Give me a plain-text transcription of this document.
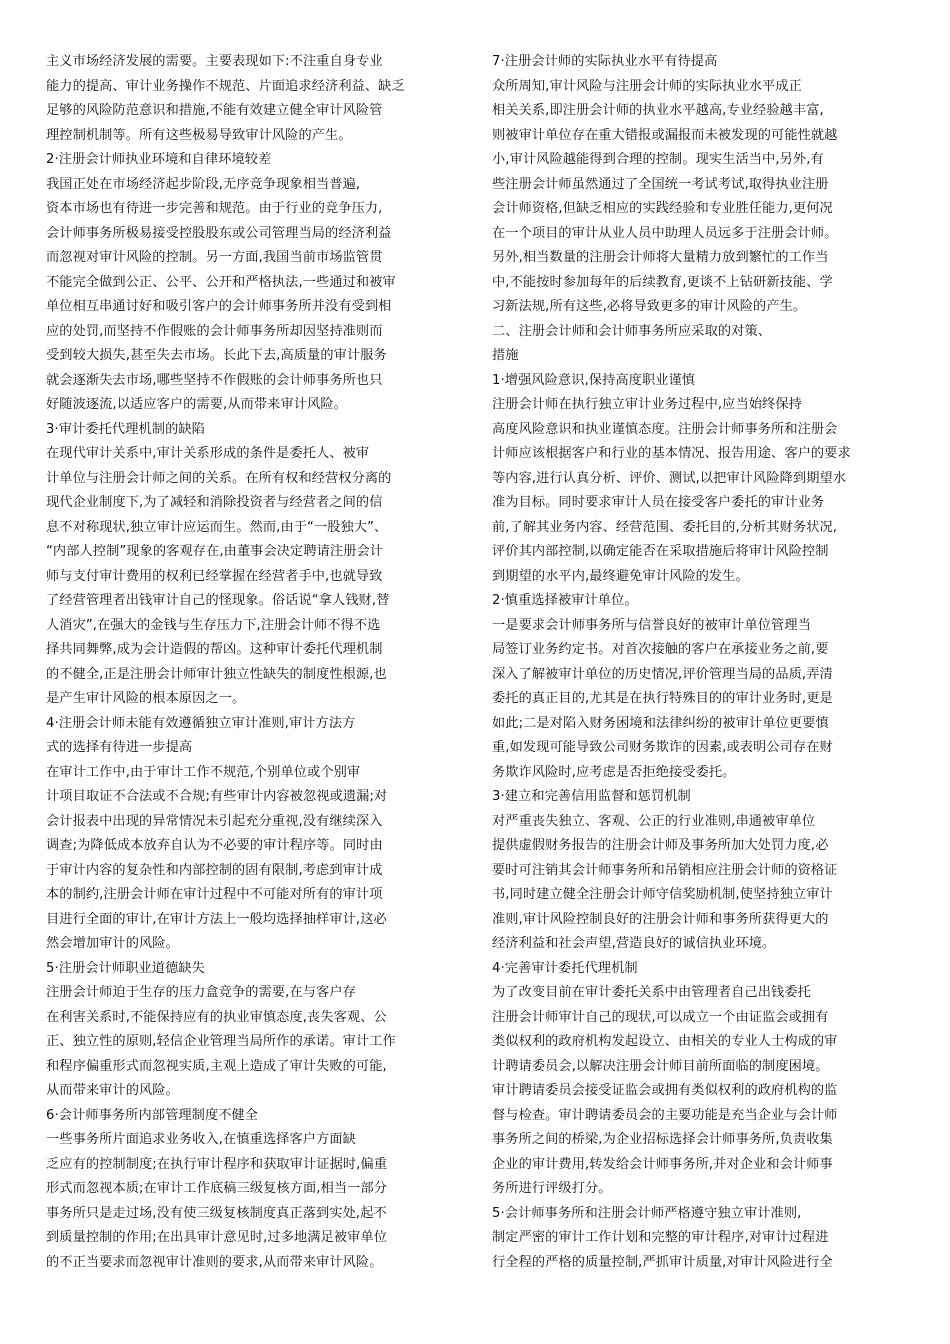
主义市场经济发展的需要。主要表现如下:不注重自身专业
能力的提高、审计业务操作不规范、片面追求经济利益、缺乏
足够的风险防范意识和措施,不能有效建立健全审计风险管
理控制机制等。所有这些极易导致审计风险的产生。
2·注册会计师执业环境和自律环境较差
我国正处在市场经济起步阶段,无序竞争现象相当普遍,
资本市场也有待进一步完善和规范。由于行业的竞争压力,
会计师事务所极易接受控股股东或公司管理当局的经济利益
而忽视对审计风险的控制。另一方面,我国当前市场监管贯
不能完全做到公正、公平、公开和严格执法,一些通过和被审
单位相互串通讨好和吸引客户的会计师事务所并没有受到相
应的处罚,而坚持不作假账的会计师事务所却因坚持准则而
受到较大损失,甚至失去市场。长此下去,高质量的审计服务
就会逐渐失去市场,哪些坚持不作假账的会计师事务所也只
好随波逐流,以适应客户的需要,从而带来审计风险。
3·审计委托代理机制的缺陷
在现代审计关系中,审计关系形成的条件是委托人、被审
计单位与注册会计师之间的关系。在所有权和经营权分离的
现代企业制度下,为了减轻和消除投资者与经营者之间的信
息不对称现状,独立审计应运而生。然而,由于“一股独大”、
“内部人控制”现象的客观存在,由董事会决定聘请注册会计
师与支付审计费用的权利已经掌握在经营者手中,也就导致
了经营管理者出钱审计自己的怪现象。俗话说“拿人钱财,替
人消灾”,在强大的金钱与生存压力下,注册会计师不得不选
择共同舞弊,成为会计造假的帮凶。这种审计委托代理机制
的不健全,正是注册会计师审计独立性缺失的制度性根源,也
是产生审计风险的根本原因之一。
4·注册会计师未能有效遵循独立审计准则,审计方法方
式的选择有待进一步提高
在审计工作中,由于审计工作不规范,个别单位或个别审
计项目取证不合法或不合规;有些审计内容被忽视或遗漏;对
会计报表中出现的异常情况未引起充分重视,没有继续深入
调查;为降低成本放弃自认为不必要的审计程序等。同时由
于审计内容的复杂性和内部控制的固有限制,考虑到审计成
本的制约,注册会计师在审计过程中不可能对所有的审计项
目进行全面的审计,在审计方法上一般均选择抽样审计,这必
然会增加审计的风险。
5·注册会计师职业道德缺失
注册会计师迫于生存的压力盒竞争的需要,在与客户存
在利害关系时,不能保持应有的执业审慎态度,丧失客观、公
正、独立性的原则,轻信企业管理当局所作的承诺。审计工作
和程序偏重形式而忽视实质,主观上造成了审计失败的可能,
从而带来审计的风险。
6·会计师事务所内部管理制度不健全
一些事务所片面追求业务收入,在慎重选择客户方面缺
乏应有的控制制度;在执行审计程序和获取审计证据时,偏重
形式而忽视本质;在审计工作底稿三级复核方面,相当一部分
事务所只是走过场,没有使三级复核制度真正落到实处,起不
到质量控制的作用;在出具审计意见时,过多地满足被审单位
的不正当要求而忽视审计准则的要求,从而带来审计风险。
7·注册会计师的实际执业水平有待提高
众所周知,审计风险与注册会计师的实际执业水平成正
相关关系,即注册会计师的执业水平越高,专业经验越丰富,
则被审计单位存在重大错报或漏报而未被发现的可能性就越
小,审计风险越能得到合理的控制。现实生活当中,另外,有
些注册会计师虽然通过了全国统一考试考试,取得执业注册
会计师资格,但缺乏相应的实践经验和专业胜任能力,更何况
在一个项目的审计从业人员中助理人员远多于注册会计师。
另外,相当数量的注册会计师将大量精力放到繁忙的工作当
中,不能按时参加每年的后续教育,更谈不上钻研新技能、学
习新法规,所有这些,必将导致更多的审计风险的产生。
二、注册会计师和会计师事务所应采取的对策、
措施
1·增强风险意识,保持高度职业谨慎
注册会计师在执行独立审计业务过程中,应当始终保持
高度风险意识和执业谨慎态度。注册会计师事务所和注册会
计师应该根据客户和行业的基本情况、报告用途、客户的要求
等内容,进行认真分析、评价、测试,以把审计风险降到期望水
准为目标。同时要求审计人员在接受客户委托的审计业务
前,了解其业务内容、经营范围、委托目的,分析其财务状况,
评价其内部控制,以确定能否在采取措施后将审计风险控制
到期望的水平内,最终避免审计风险的发生。
2·慎重选择被审计单位。
一是要求会计师事务所与信誉良好的被审计单位管理当
局签订业务约定书。对首次接触的客户在承接业务之前,要
深入了解被审计单位的历史情况,评价管理当局的品质,弄清
委托的真正目的,尤其是在执行特殊目的的审计业务时,更是
如此;二是对陷入财务困境和法律纠纷的被审计单位更要慎
重,如发现可能导致公司财务欺诈的因素,或表明公司存在财
务欺诈风险时,应考虑是否拒绝接受委托。
3·建立和完善信用监督和惩罚机制
对严重丧失独立、客观、公正的行业准则,串通被审单位
提供虚假财务报告的注册会计师及事务所加大处罚力度,必
要时可注销其会计师事务所和吊销相应注册会计师的资格证
书,同时建立健全注册会计师守信奖励机制,使坚持独立审计
准则,审计风险控制良好的注册会计师和事务所获得更大的
经济利益和社会声望,营造良好的诚信执业环境。
4·完善审计委托代理机制
为了改变目前在审计委托关系中由管理者自己出钱委托
注册会计师审计自己的现状,可以成立一个由证监会或拥有
类似权利的政府机构发起设立、由相关的专业人士构成的审
计聘请委员会,以解决注册会计师目前所面临的制度困境。
审计聘请委员会接受证监会或拥有类似权利的政府机构的监
督与检查。审计聘请委员会的主要功能是充当企业与会计师
事务所之间的桥梁,为企业招标选择会计师事务所,负责收集
企业的审计费用,转发给会计师事务所,并对企业和会计师事
务所进行评级打分。
5·会计师事务所和注册会计师严格遵守独立审计准则,
制定严密的审计工作计划和完整的审计程序,对审计过程进
行全程的严格的质量控制,严抓审计质量,对审计风险进行全
